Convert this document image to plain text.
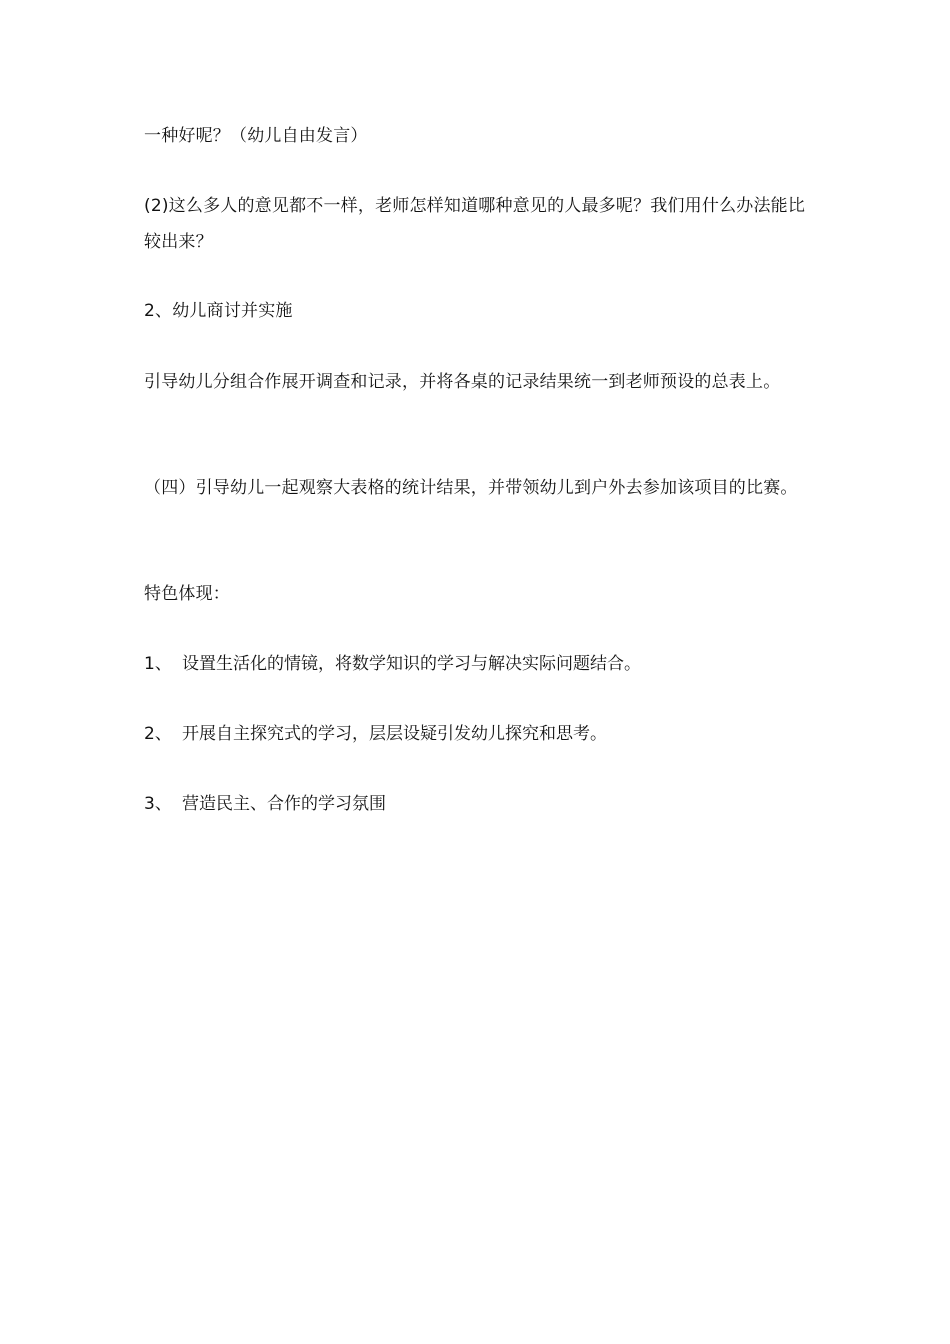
一种好呢？（幼儿自由发言）
(2)这么多人的意见都不一样，老师怎样知道哪种意见的人最多呢？我们用什么办法能比较出来？
2、幼儿商讨并实施
引导幼儿分组合作展开调查和记录，并将各桌的记录结果统一到老师预设的总表上。
（四）引导幼儿一起观察大表格的统计结果，并带领幼儿到户外去参加该项目的比赛。
特色体现：
1、 设置生活化的情镜，将数学知识的学习与解决实际问题结合。
2、 开展自主探究式的学习，层层设疑引发幼儿探究和思考。
3、 营造民主、合作的学习氛围
